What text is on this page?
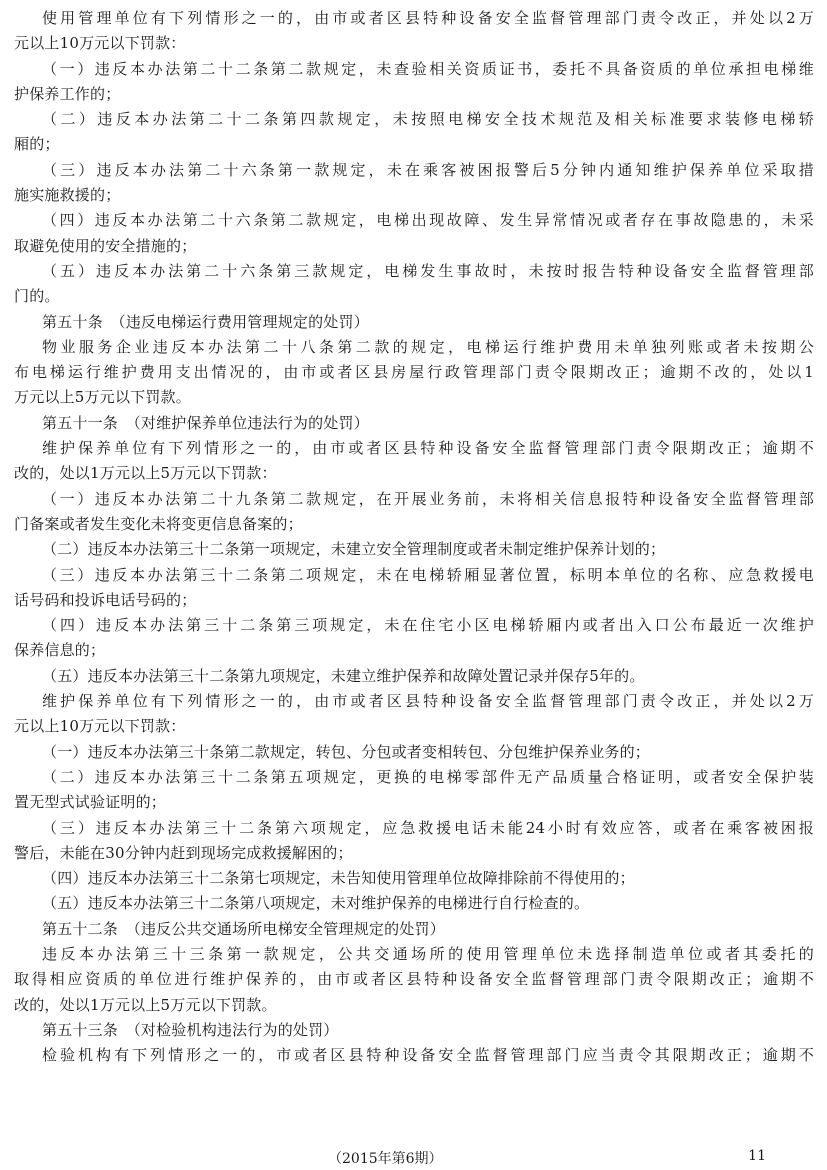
使用管理单位有下列情形之一的，由市或者区县特种设备安全监督管理部门责令改正，并处以2万
元以上10万元以下罚款：
（一）违反本办法第二十二条第二款规定，未查验相关资质证书，委托不具备资质的单位承担电梯维
护保养工作的；
（二）违反本办法第二十二条第四款规定，未按照电梯安全技术规范及相关标准要求装修电梯轿
厢的；
（三）违反本办法第二十六条第一款规定，未在乘客被困报警后5分钟内通知维护保养单位采取措
施实施救援的；
（四）违反本办法第二十六条第二款规定，电梯出现故障、发生异常情况或者存在事故隐患的，未采
取避免使用的安全措施的；
（五）违反本办法第二十六条第三款规定，电梯发生事故时，未按时报告特种设备安全监督管理部
门的。
第五十条　（违反电梯运行费用管理规定的处罚）
物业服务企业违反本办法第二十八条第二款的规定，电梯运行维护费用未单独列账或者未按期公
布电梯运行维护费用支出情况的，由市或者区县房屋行政管理部门责令限期改正；逾期不改的，处以1
万元以上5万元以下罚款。
第五十一条　（对维护保养单位违法行为的处罚）
维护保养单位有下列情形之一的，由市或者区县特种设备安全监督管理部门责令限期改正；逾期不
改的，处以1万元以上5万元以下罚款：
（一）违反本办法第二十九条第二款规定，在开展业务前，未将相关信息报特种设备安全监督管理部
门备案或者发生变化未将变更信息备案的；
（二）违反本办法第三十二条第一项规定，未建立安全管理制度或者未制定维护保养计划的；
（三）违反本办法第三十二条第二项规定，未在电梯轿厢显著位置，标明本单位的名称、应急救援电
话号码和投诉电话号码的；
（四）违反本办法第三十二条第三项规定，未在住宅小区电梯轿厢内或者出入口公布最近一次维护
保养信息的；
（五）违反本办法第三十二条第九项规定，未建立维护保养和故障处置记录并保存5年的。
维护保养单位有下列情形之一的，由市或者区县特种设备安全监督管理部门责令改正，并处以2万
元以上10万元以下罚款：
（一）违反本办法第三十条第二款规定，转包、分包或者变相转包、分包维护保养业务的；
（二）违反本办法第三十二条第五项规定，更换的电梯零部件无产品质量合格证明，或者安全保护装
置无型式试验证明的；
（三）违反本办法第三十二条第六项规定，应急救援电话未能24小时有效应答，或者在乘客被困报
警后，未能在30分钟内赶到现场完成救援解困的；
（四）违反本办法第三十二条第七项规定，未告知使用管理单位故障排除前不得使用的；
（五）违反本办法第三十二条第八项规定，未对维护保养的电梯进行自行检查的。
第五十二条　（违反公共交通场所电梯安全管理规定的处罚）
违反本办法第三十三条第一款规定，公共交通场所的使用管理单位未选择制造单位或者其委托的
取得相应资质的单位进行维护保养的，由市或者区县特种设备安全监督管理部门责令限期改正；逾期不
改的，处以1万元以上5万元以下罚款。
第五十三条　（对检验机构违法行为的处罚）
检验机构有下列情形之一的，市或者区县特种设备安全监督管理部门应当责令其限期改正；逾期不
（2015年第6期）	11
